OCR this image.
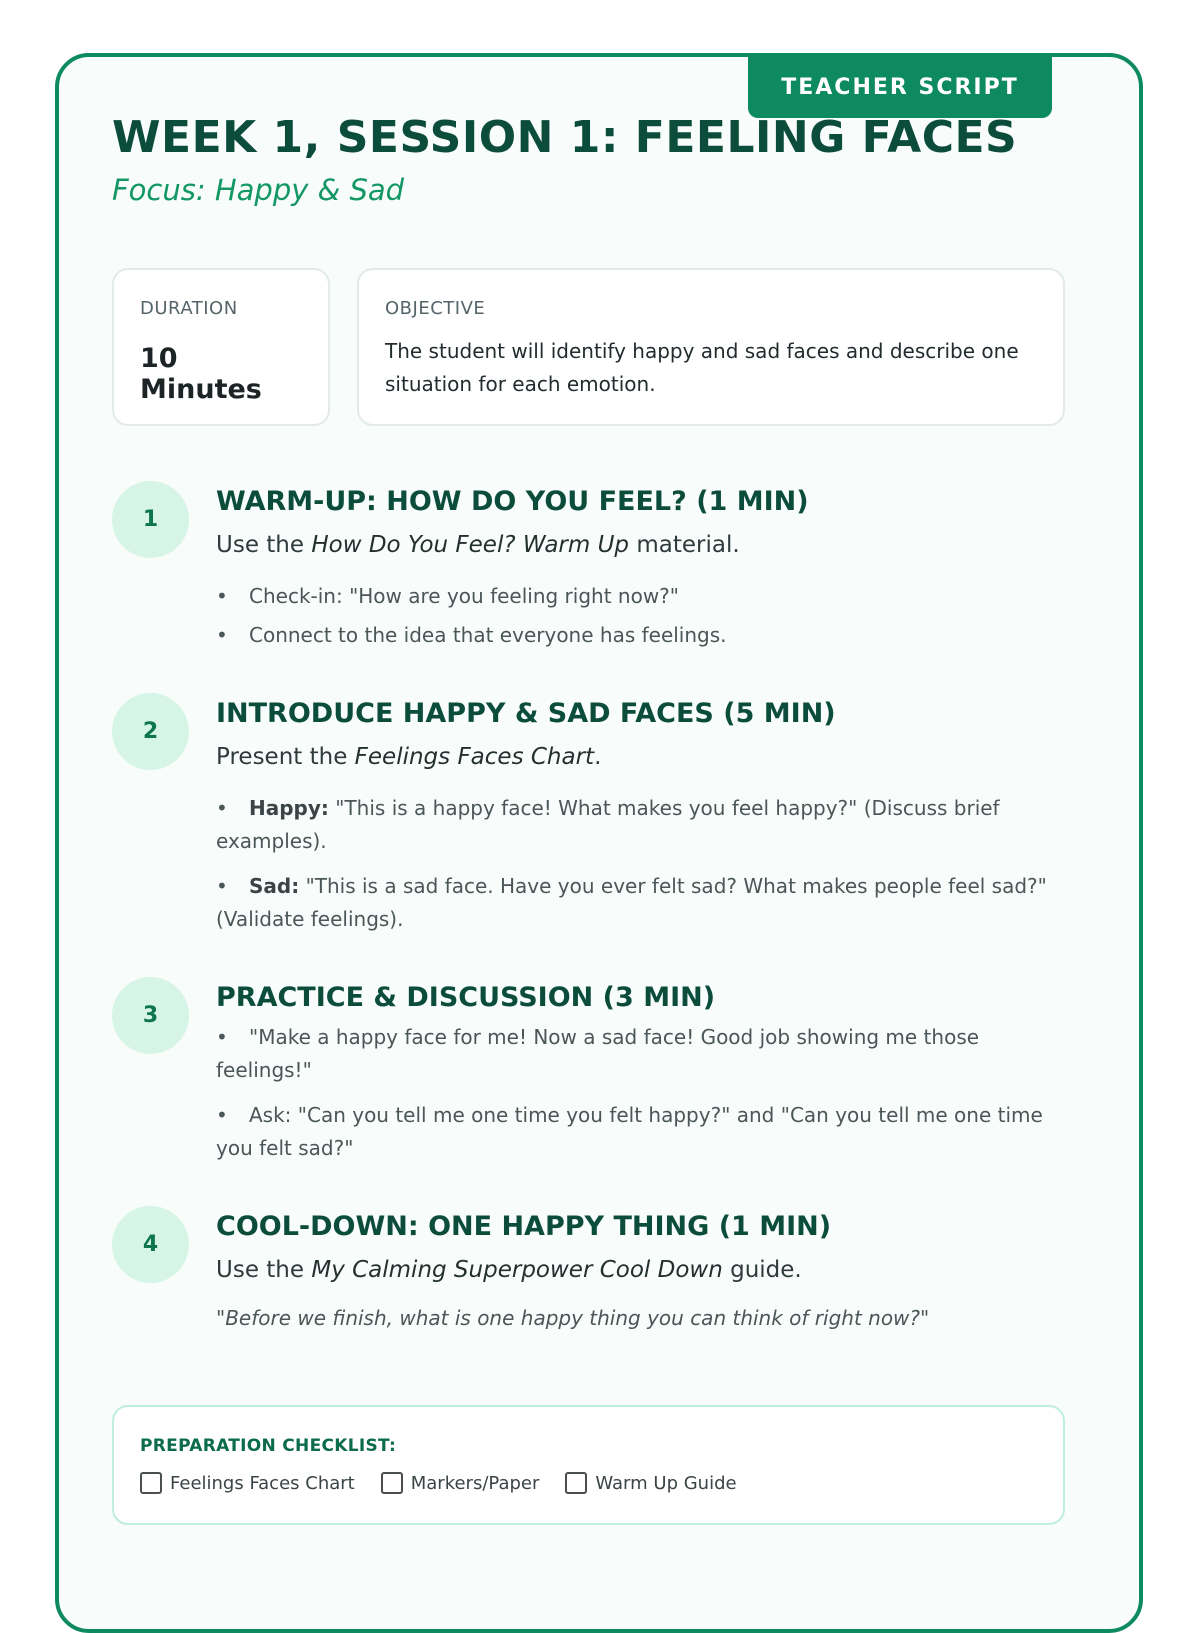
TEACHER SCRIPT
WEEK 1, SESSION 1: FEELING FACES

Focus: Happy & Sad

DURATION

10 Minutes

OBJECTIVE

The student will identify happy and sad faces and describe one situation for each emotion.

1
WARM-UP: HOW DO YOU FEEL? (1 MIN)

Use the How Do You Feel? Warm Up material.

• Check-in: "How are you feeling right now?"

• Connect to the idea that everyone has feelings.

2
INTRODUCE HAPPY & SAD FACES (5 MIN)

Present the Feelings Faces Chart.

• Happy: "This is a happy face! What makes you feel happy?" (Discuss brief examples).

• Sad: "This is a sad face. Have you ever felt sad? What makes people feel sad?" (Validate feelings).

3
PRACTICE & DISCUSSION (3 MIN)

• "Make a happy face for me! Now a sad face! Good job showing me those feelings!"

• Ask: "Can you tell me one time you felt happy?" and "Can you tell me one time you felt sad?"

4
COOL-DOWN: ONE HAPPY THING (1 MIN)

Use the My Calming Superpower Cool Down guide.

"Before we finish, what is one happy thing you can think of right now?"

PREPARATION CHECKLIST:

Feelings Faces Chart	Markers/Paper	Warm Up Guide
